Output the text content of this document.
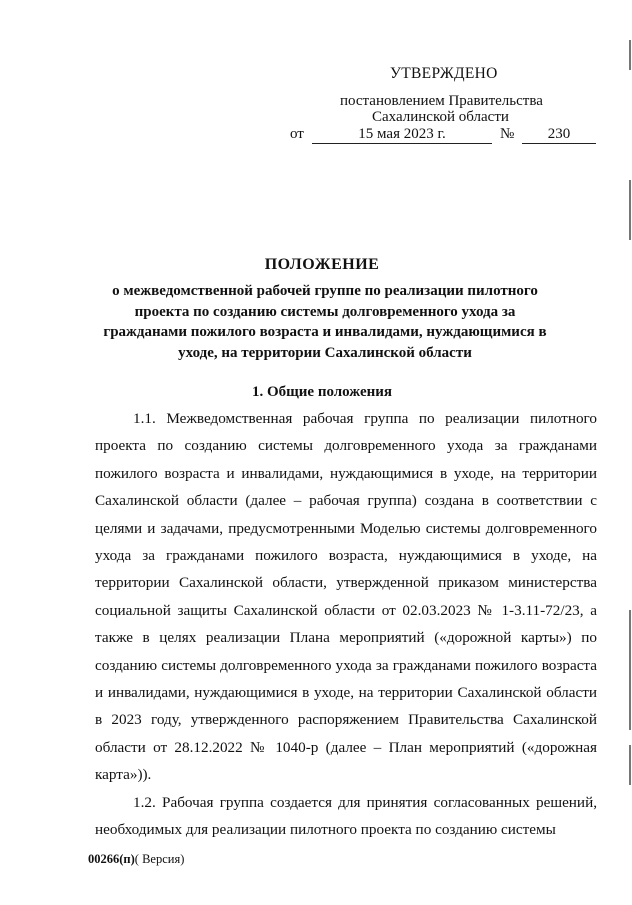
УТВЕРЖДЕНО
постановлением Правительства
Сахалинской области
от	15 мая 2023 г.	№	230
ПОЛОЖЕНИЕ
о межведомственной рабочей группе по реализации пилотного проекта по созданию системы долговременного ухода за гражданами пожилого возраста и инвалидами, нуждающимися в уходе, на территории Сахалинской области
1. Общие положения

1.1. Межведомственная рабочая группа по реализации пилотного проекта по созданию системы долговременного ухода за гражданами пожилого возраста и инвалидами, нуждающимися в уходе, на территории Сахалинской области (далее – рабочая группа) создана в соответствии с целями и задачами, предусмотренными Моделью системы долговременного ухода за гражданами пожилого возраста, нуждающимися в уходе, на территории Сахалинской области, утвержденной приказом министерства социальной защиты Сахалинской области от 02.03.2023 № 1-3.11-72/23, а также в целях реализации Плана мероприятий («дорожной карты») по созданию системы долговременного ухода за гражданами пожилого возраста и инвалидами, нуждающимися в уходе, на территории Сахалинской области в 2023 году, утвержденного распоряжением Правительства Сахалинской области от 28.12.2022 № 1040-р (далее – План мероприятий («дорожная карта»)).

1.2. Рабочая группа создается для принятия согласованных решений, необходимых для реализации пилотного проекта по созданию системы

00266(п)( Версия)
